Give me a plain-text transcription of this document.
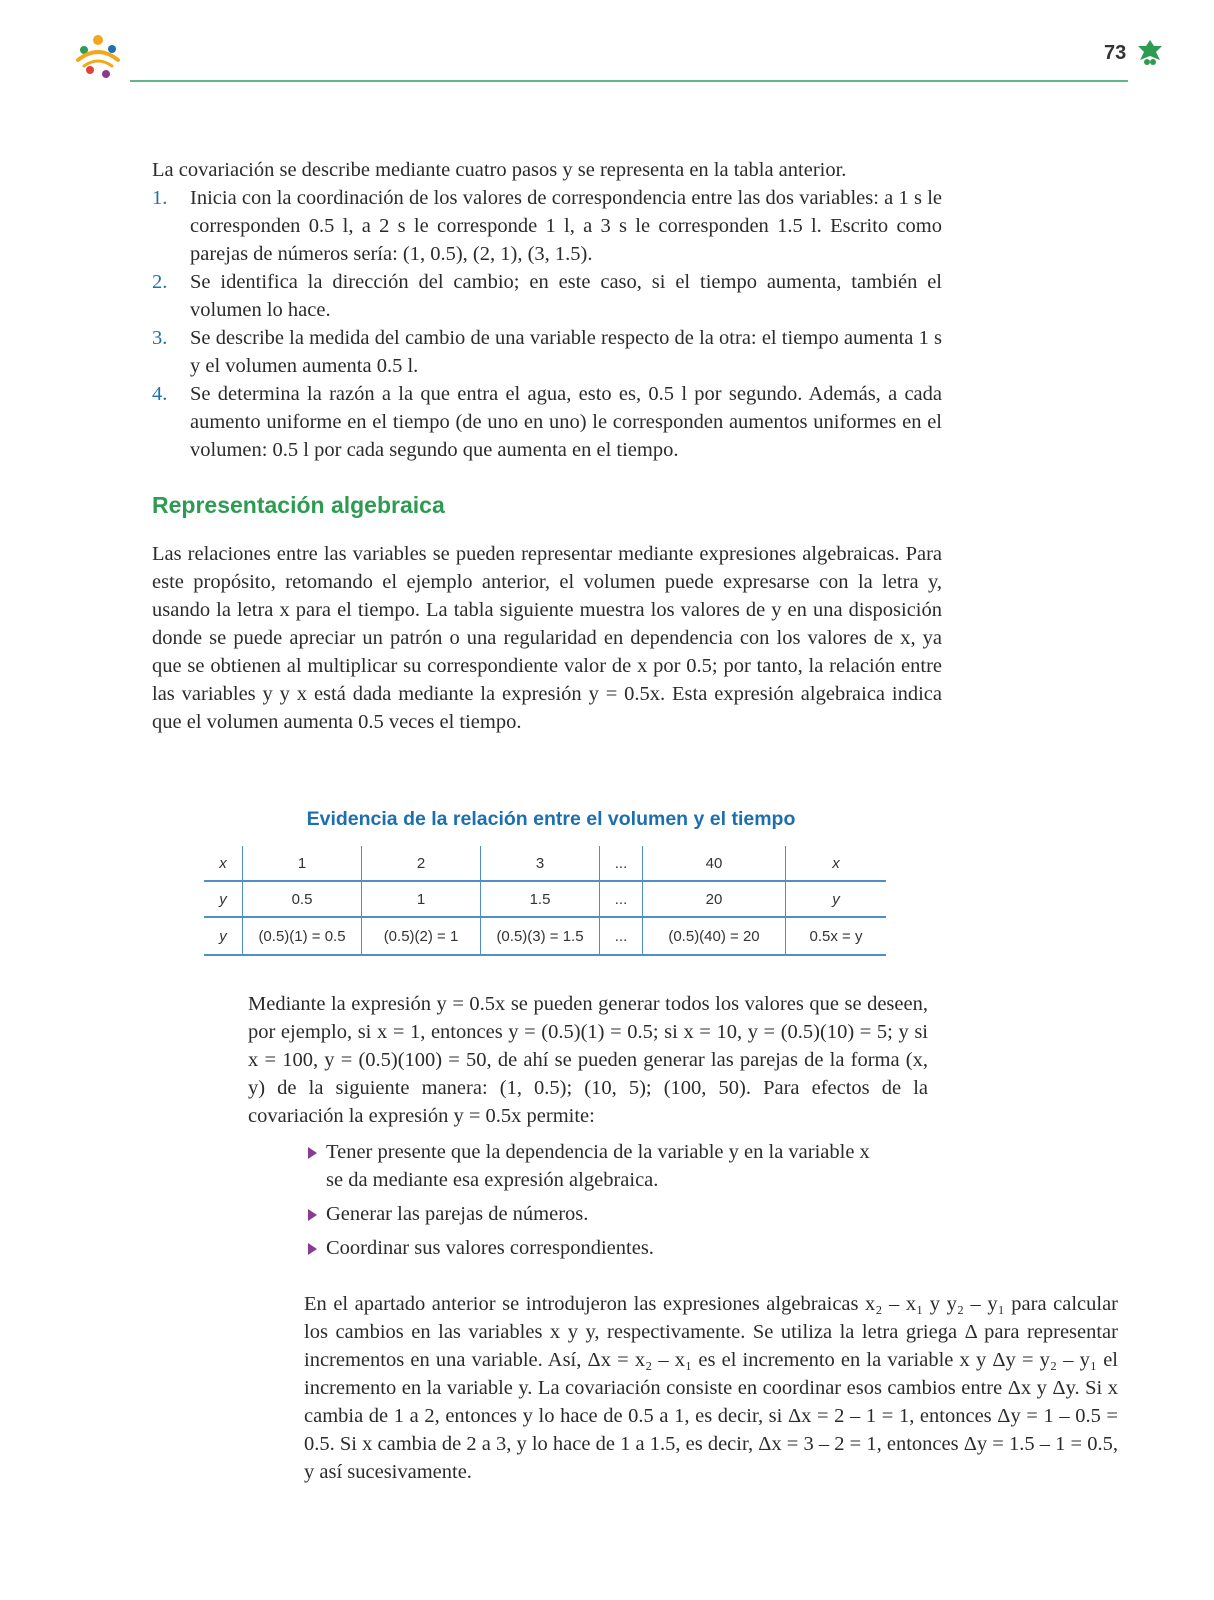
73
La covariación se describe mediante cuatro pasos y se representa en la tabla anterior.
1. Inicia con la coordinación de los valores de correspondencia entre las dos variables: a 1 s le corresponden 0.5 l, a 2 s le corresponde 1 l, a 3 s le corresponden 1.5 l. Escrito como parejas de números sería: (1, 0.5), (2, 1), (3, 1.5).
2. Se identifica la dirección del cambio; en este caso, si el tiempo aumenta, también el volumen lo hace.
3. Se describe la medida del cambio de una variable respecto de la otra: el tiempo aumenta 1 s y el volumen aumenta 0.5 l.
4. Se determina la razón a la que entra el agua, esto es, 0.5 l por segundo. Además, a cada aumento uniforme en el tiempo (de uno en uno) le corresponden aumentos uniformes en el volumen: 0.5 l por cada segundo que aumenta en el tiempo.
Representación algebraica
Las relaciones entre las variables se pueden representar mediante expresiones algebraicas. Para este propósito, retomando el ejemplo anterior, el volumen puede expresarse con la letra y, usando la letra x para el tiempo. La tabla siguiente muestra los valores de y en una disposición donde se puede apreciar un patrón o una regularidad en dependencia con los valores de x, ya que se obtienen al multiplicar su correspondiente valor de x por 0.5; por tanto, la relación entre las variables y y x está dada mediante la expresión y = 0.5x. Esta expresión algebraica indica que el volumen aumenta 0.5 veces el tiempo.
Evidencia de la relación entre el volumen y el tiempo
x	1	2	3	...	40	x
y	0.5	1	1.5	...	20	y
y	(0.5)(1) = 0.5	(0.5)(2) = 1	(0.5)(3) = 1.5	...	(0.5)(40) = 20	0.5x = y
Mediante la expresión y = 0.5x se pueden generar todos los valores que se deseen, por ejemplo, si x = 1, entonces y = (0.5)(1) = 0.5; si x = 10, y = (0.5)(10) = 5; y si x = 100, y = (0.5)(100) = 50, de ahí se pueden generar las parejas de la forma (x, y) de la siguiente manera: (1, 0.5); (10, 5); (100, 50). Para efectos de la covariación la expresión y = 0.5x permite:
Tener presente que la dependencia de la variable y en la variable x se da mediante esa expresión algebraica.
Generar las parejas de números.
Coordinar sus valores correspondientes.
En el apartado anterior se introdujeron las expresiones algebraicas x₂ – x₁ y y₂ – y₁ para calcular los cambios en las variables x y y, respectivamente. Se utiliza la letra griega Δ para representar incrementos en una variable. Así, Δx = x₂ – x₁ es el incremento en la variable x y Δy = y₂ – y₁ el incremento en la variable y. La covariación consiste en coordinar esos cambios entre Δx y Δy. Si x cambia de 1 a 2, entonces y lo hace de 0.5 a 1, es decir, si Δx = 2 – 1 = 1, entonces Δy = 1 – 0.5 = 0.5. Si x cambia de 2 a 3, y lo hace de 1 a 1.5, es decir, Δx = 3 – 2 = 1, entonces Δy = 1.5 – 1 = 0.5, y así sucesivamente.
